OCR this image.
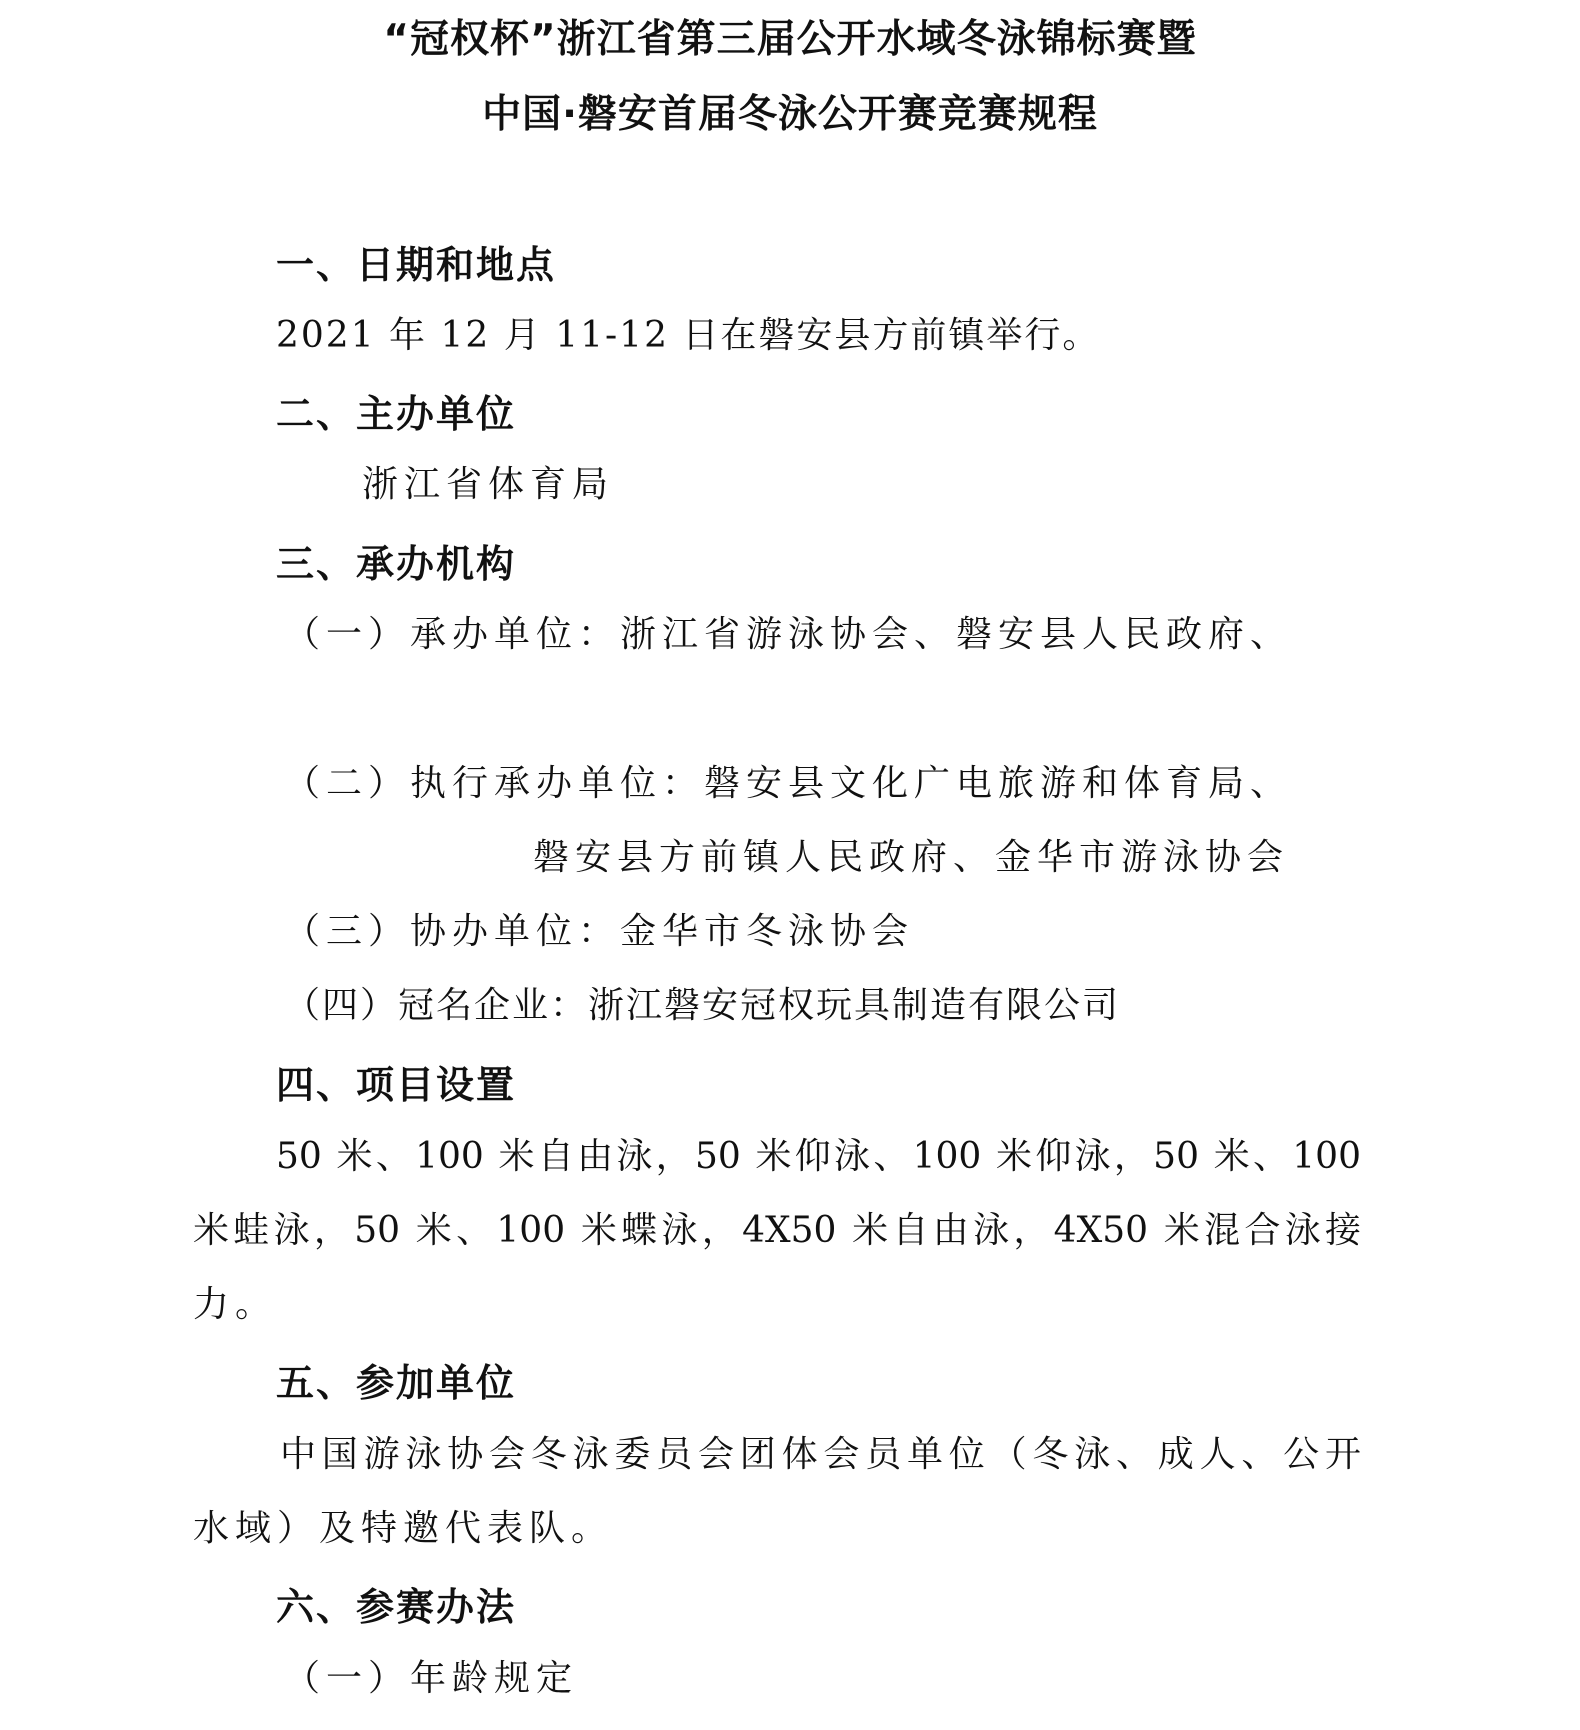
“冠权杯”浙江省第三届公开水域冬泳锦标赛暨
中国·磐安首届冬泳公开赛竞赛规程
一、日期和地点
2021 年 12 月 11-12 日在磐安县方前镇举行。
二、主办单位
浙江省体育局
三、承办机构
（一）承办单位：浙江省游泳协会、磐安县人民政府、
（二）执行承办单位：磐安县文化广电旅游和体育局、
磐安县方前镇人民政府、金华市游泳协会
（三）协办单位：金华市冬泳协会
（四）冠名企业：浙江磐安冠权玩具制造有限公司
四、项目设置
50 米、100 米自由泳，50 米仰泳、100 米仰泳，50 米、100
米蛙泳，50 米、100 米蝶泳，4X50 米自由泳，4X50 米混合泳接
力。
五、参加单位
中国游泳协会冬泳委员会团体会员单位（冬泳、成人、公开
水域）及特邀代表队。
六、参赛办法
（一）年龄规定
